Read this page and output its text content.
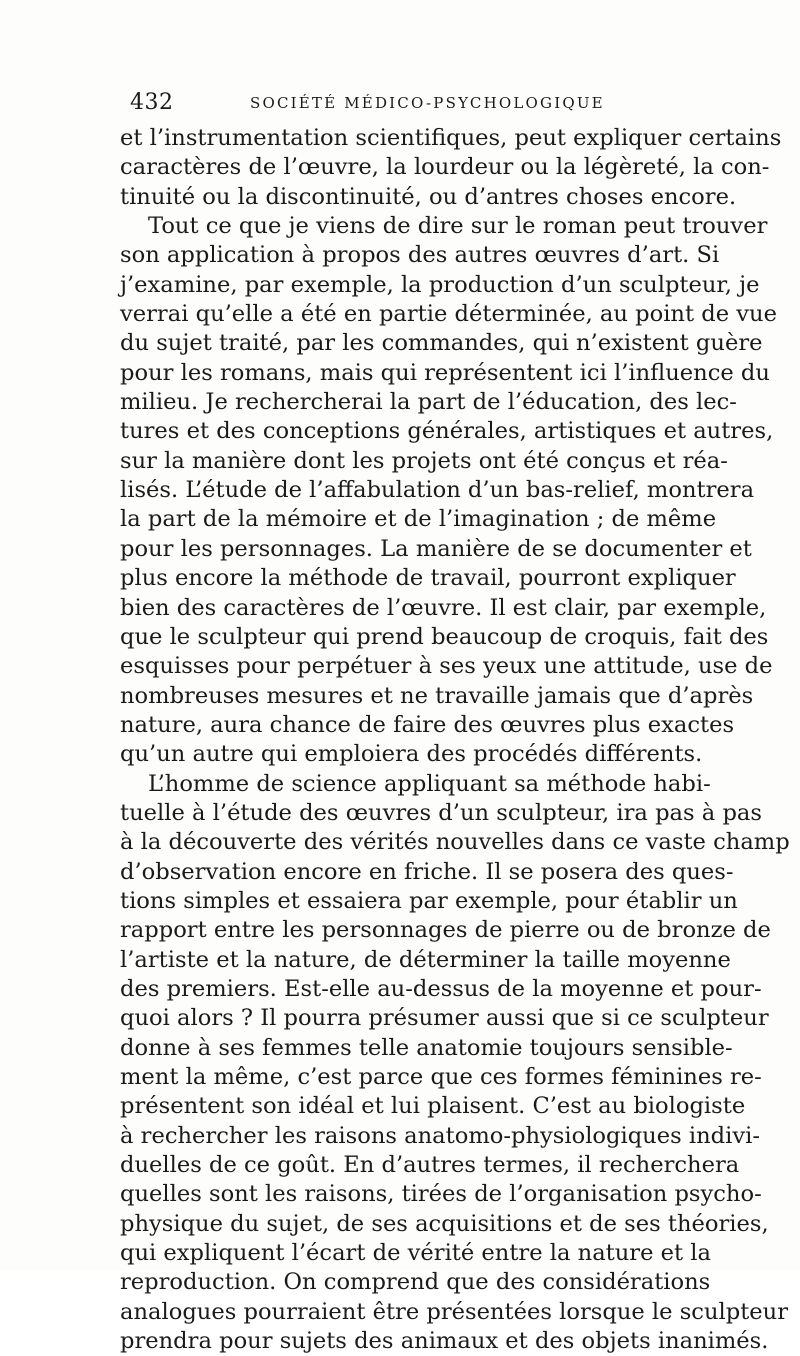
432	SOCIÉTÉ MÉDICO-PSYCHOLOGIQUE

et l’instrumentation scientifiques, peut expliquer certains
caractères de l’œuvre, la lourdeur ou la légèreté, la con-
tinuité ou la discontinuité, ou d’antres choses encore.

Tout ce que je viens de dire sur le roman peut trouver
son application à propos des autres œuvres d’art. Si
j’examine, par exemple, la production d’un sculpteur, je
verrai qu’elle a été en partie déterminée, au point de vue
du sujet traité, par les commandes, qui n’existent guère
pour les romans, mais qui représentent ici l’influence du
milieu. Je rechercherai la part de l’éducation, des lec-
tures et des conceptions générales, artistiques et autres,
sur la manière dont les projets ont été conçus et réa-
lisés. L’étude de l’affabulation d’un bas-relief, montrera
la part de la mémoire et de l’imagination ; de même
pour les personnages. La manière de se documenter et
plus encore la méthode de travail, pourront expliquer
bien des caractères de l’œuvre. Il est clair, par exemple,
que le sculpteur qui prend beaucoup de croquis, fait des
esquisses pour perpétuer à ses yeux une attitude, use de
nombreuses mesures et ne travaille jamais que d’après
nature, aura chance de faire des œuvres plus exactes
qu’un autre qui emploiera des procédés différents.

L’homme de science appliquant sa méthode habi-
tuelle à l’étude des œuvres d’un sculpteur, ira pas à pas
à la découverte des vérités nouvelles dans ce vaste champ
d’observation encore en friche. Il se posera des ques-
tions simples et essaiera par exemple, pour établir un
rapport entre les personnages de pierre ou de bronze de
l’artiste et la nature, de déterminer la taille moyenne
des premiers. Est-elle au-dessus de la moyenne et pour-
quoi alors ? Il pourra présumer aussi que si ce sculpteur
donne à ses femmes telle anatomie toujours sensible-
ment la même, c’est parce que ces formes féminines re-
présentent son idéal et lui plaisent. C’est au biologiste
à rechercher les raisons anatomo-physiologiques indivi-
duelles de ce goût. En d’autres termes, il recherchera
quelles sont les raisons, tirées de l’organisation psycho-
physique du sujet, de ses acquisitions et de ses théories,
qui expliquent l’écart de vérité entre la nature et la
reproduction. On comprend que des considérations
analogues pourraient être présentées lorsque le sculpteur
prendra pour sujets des animaux et des objets inanimés.
